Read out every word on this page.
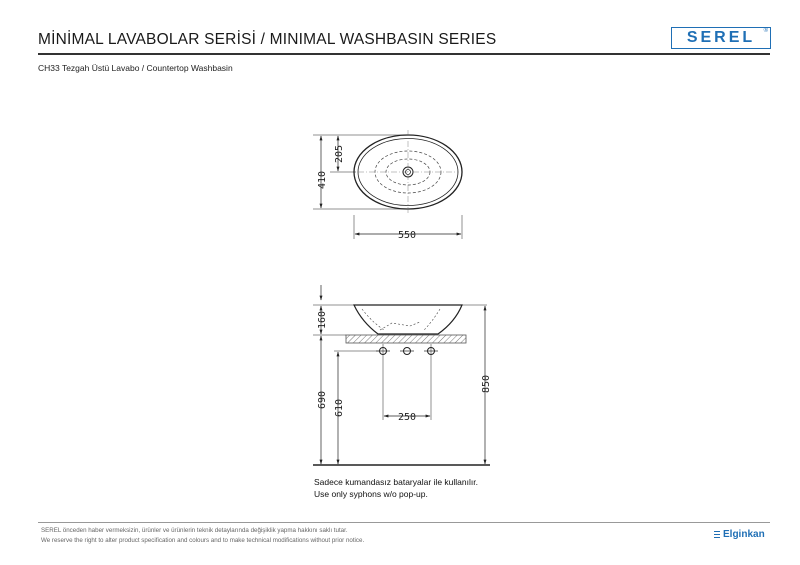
MİNİMAL LAVABOLAR SERİSİ / MINIMAL WASHBASIN SERIES	SEREL ®
CH33 Tezgah Üstü Lavabo / Countertop Washbasin
410
205
550
160
690 610
850
250
Sadece kumandasız bataryalar ile kullanılır.
Use only syphons w/o pop-up.
SEREL önceden haber vermeksizin, ürünler ve ürünlerin teknik detaylarında değişiklik yapma hakkını saklı tutar.
We reserve the right to alter product specification and colours and to make technical modifications without prior notice.
Elginkan
